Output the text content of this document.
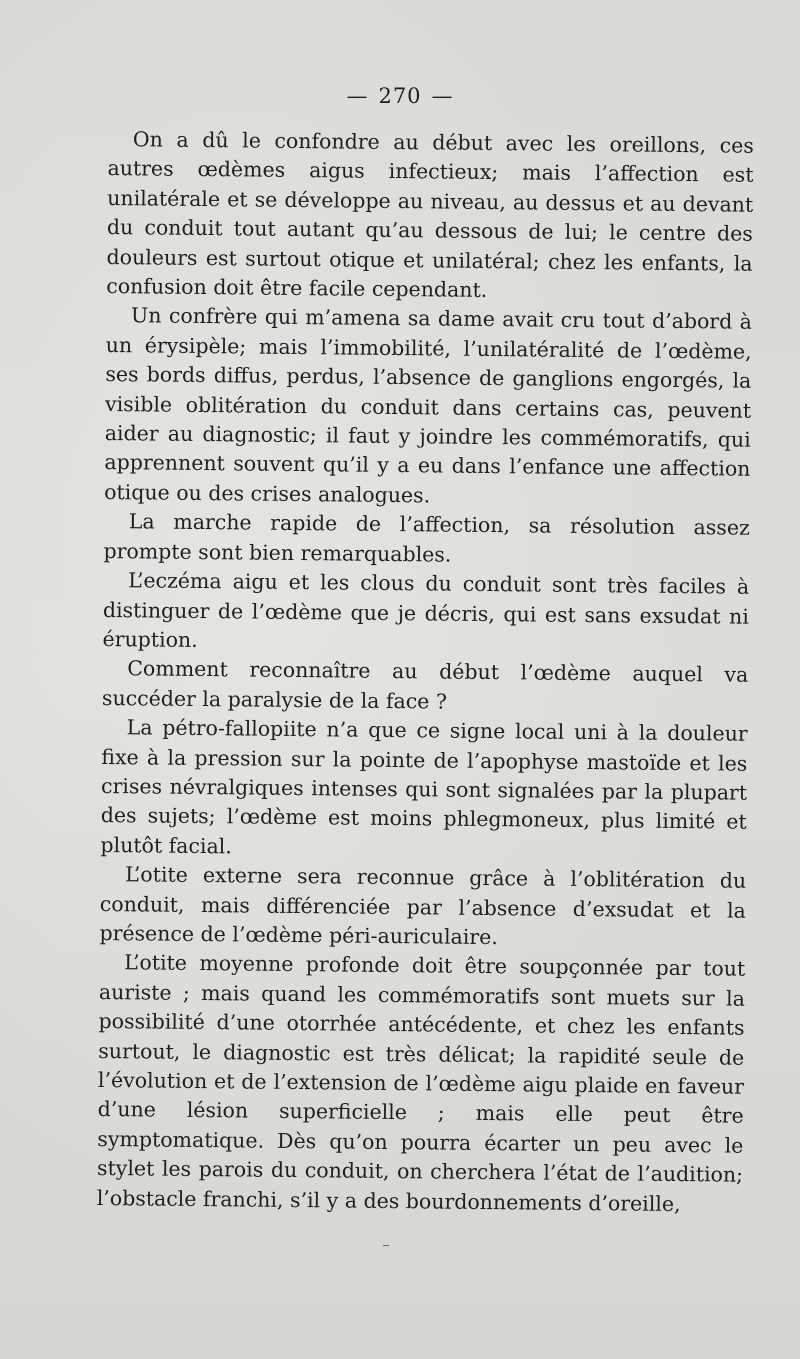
— 270 —

On a dû le confondre au début avec les oreillons, ces autres œdèmes aigus infectieux; mais l’affection est unilatérale et se développe au niveau, au dessus et au devant du conduit tout autant qu’au dessous de lui; le centre des douleurs est surtout otique et unilatéral; chez les enfants, la confusion doit être facile cependant.

Un confrère qui m’amena sa dame avait cru tout d’abord à un érysipèle; mais l’immobilité, l’unilatéralité de l’œdème, ses bords diffus, perdus, l’absence de ganglions engorgés, la visible oblitération du conduit dans certains cas, peuvent aider au diagnostic; il faut y joindre les commémoratifs, qui apprennent souvent qu’il y a eu dans l’enfance une affection otique ou des crises analogues.

La marche rapide de l’affection, sa résolution assez prompte sont bien remarquables.

L’eczéma aigu et les clous du conduit sont très faciles à distinguer de l’œdème que je décris, qui est sans exsudat ni éruption.

Comment reconnaître au début l’œdème auquel va succéder la paralysie de la face ?

La pétro-fallopiite n’a que ce signe local uni à la douleur fixe à la pression sur la pointe de l’apophyse mastoïde et les crises névralgiques intenses qui sont signalées par la plupart des sujets; l’œdème est moins phlegmoneux, plus limité et plutôt facial.

L’otite externe sera reconnue grâce à l’oblitération du conduit, mais différenciée par l’absence d’exsudat et la présence de l’œdème péri-auriculaire.

L’otite moyenne profonde doit être soupçonnée par tout auriste ; mais quand les commémoratifs sont muets sur la possibilité d’une otorrhée antécédente, et chez les enfants surtout, le diagnostic est très délicat; la rapidité seule de l’évolution et de l’extension de l’œdème aigu plaide en faveur d’une lésion superficielle ; mais elle peut être symptomatique. Dès qu’on pourra écarter un peu avec le stylet les parois du conduit, on cherchera l’état de l’audition; l’obstacle franchi, s’il y a des bourdonnements d’oreille,
